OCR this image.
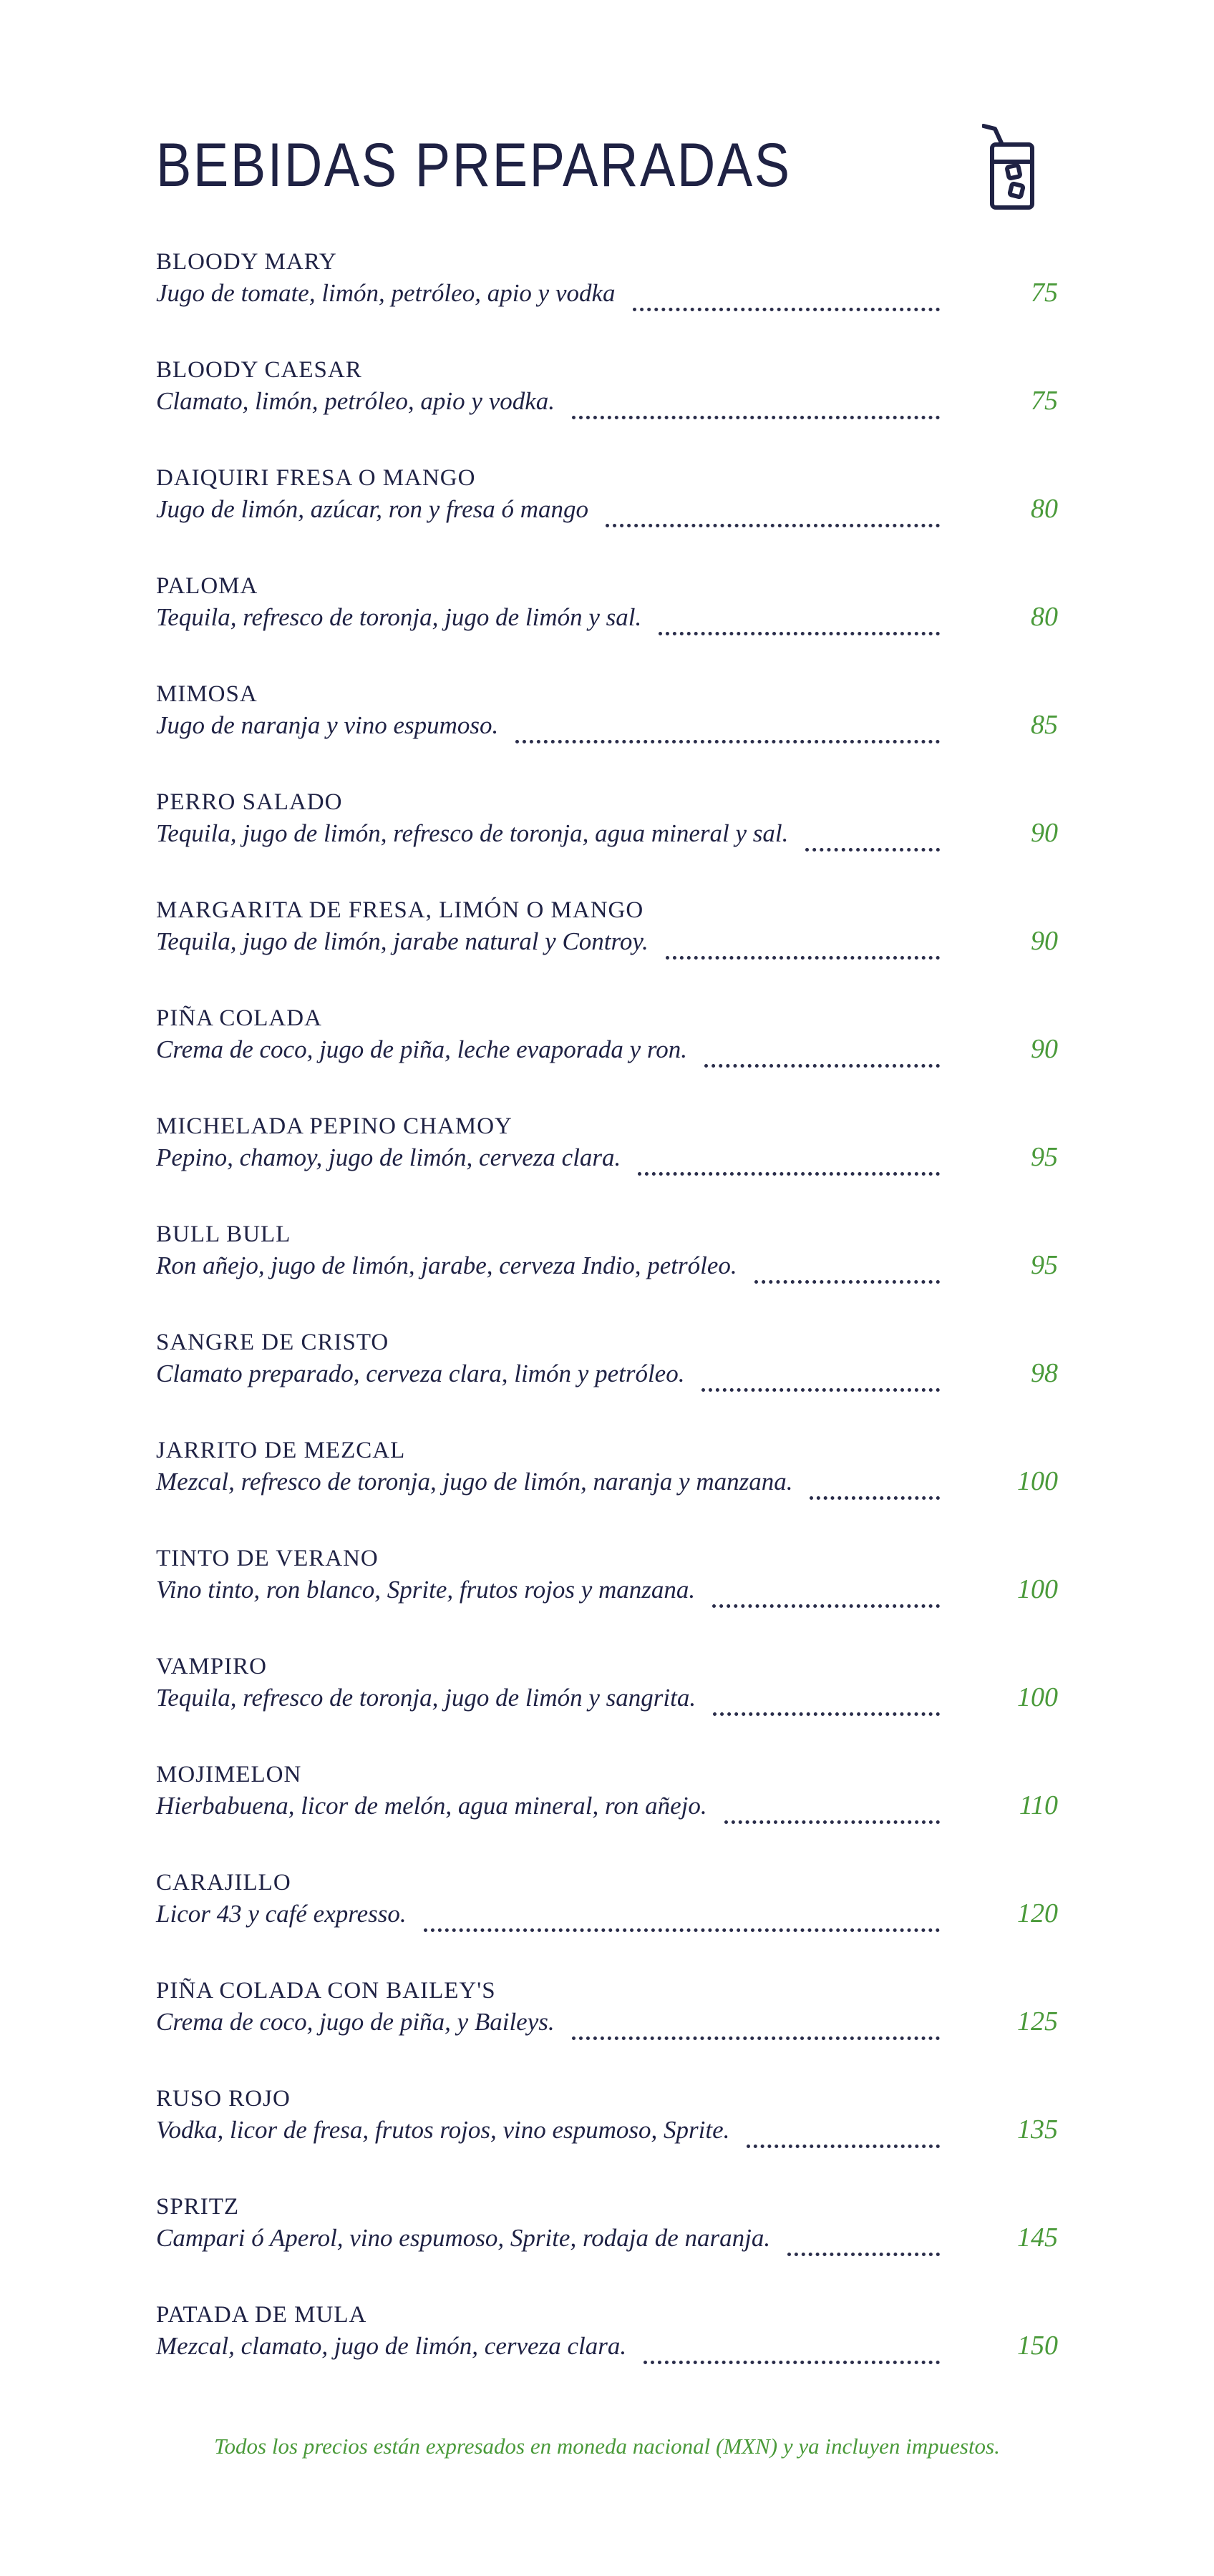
BEBIDAS PREPARADAS
BLOODY MARY
Jugo de tomate, limón, petróleo, apio y vodka	75
BLOODY CAESAR
Clamato, limón, petróleo, apio y vodka.	75
DAIQUIRI FRESA O MANGO
Jugo de limón, azúcar, ron y fresa ó mango	80
PALOMA
Tequila, refresco de toronja, jugo de limón y sal.	80
MIMOSA
Jugo de naranja y vino espumoso.	85
PERRO SALADO
Tequila, jugo de limón, refresco de toronja, agua mineral y sal.	90
MARGARITA DE FRESA, LIMÓN O MANGO
Tequila, jugo de limón, jarabe natural y Controy.	90
PIÑA COLADA
Crema de coco, jugo de piña, leche evaporada y ron.	90
MICHELADA PEPINO CHAMOY
Pepino, chamoy, jugo de limón, cerveza clara.	95
BULL BULL
Ron añejo, jugo de limón, jarabe, cerveza Indio, petróleo.	95
SANGRE DE CRISTO
Clamato preparado, cerveza clara, limón y petróleo.	98
JARRITO DE MEZCAL
Mezcal, refresco de toronja, jugo de limón, naranja y manzana.	100
TINTO DE VERANO
Vino tinto, ron blanco, Sprite, frutos rojos y manzana.	100
VAMPIRO
Tequila, refresco de toronja, jugo de limón y sangrita.	100
MOJIMELON
Hierbabuena, licor de melón, agua mineral, ron añejo.	110
CARAJILLO
Licor 43 y café expresso.	120
PIÑA COLADA CON BAILEY'S
Crema de coco, jugo de piña, y Baileys.	125
RUSO ROJO
Vodka, licor de fresa, frutos rojos, vino espumoso, Sprite.	135
SPRITZ
Campari ó Aperol, vino espumoso, Sprite, rodaja de naranja.	145
PATADA DE MULA
Mezcal, clamato, jugo de limón, cerveza clara.	150
Todos los precios están expresados en moneda nacional (MXN) y ya incluyen impuestos.
